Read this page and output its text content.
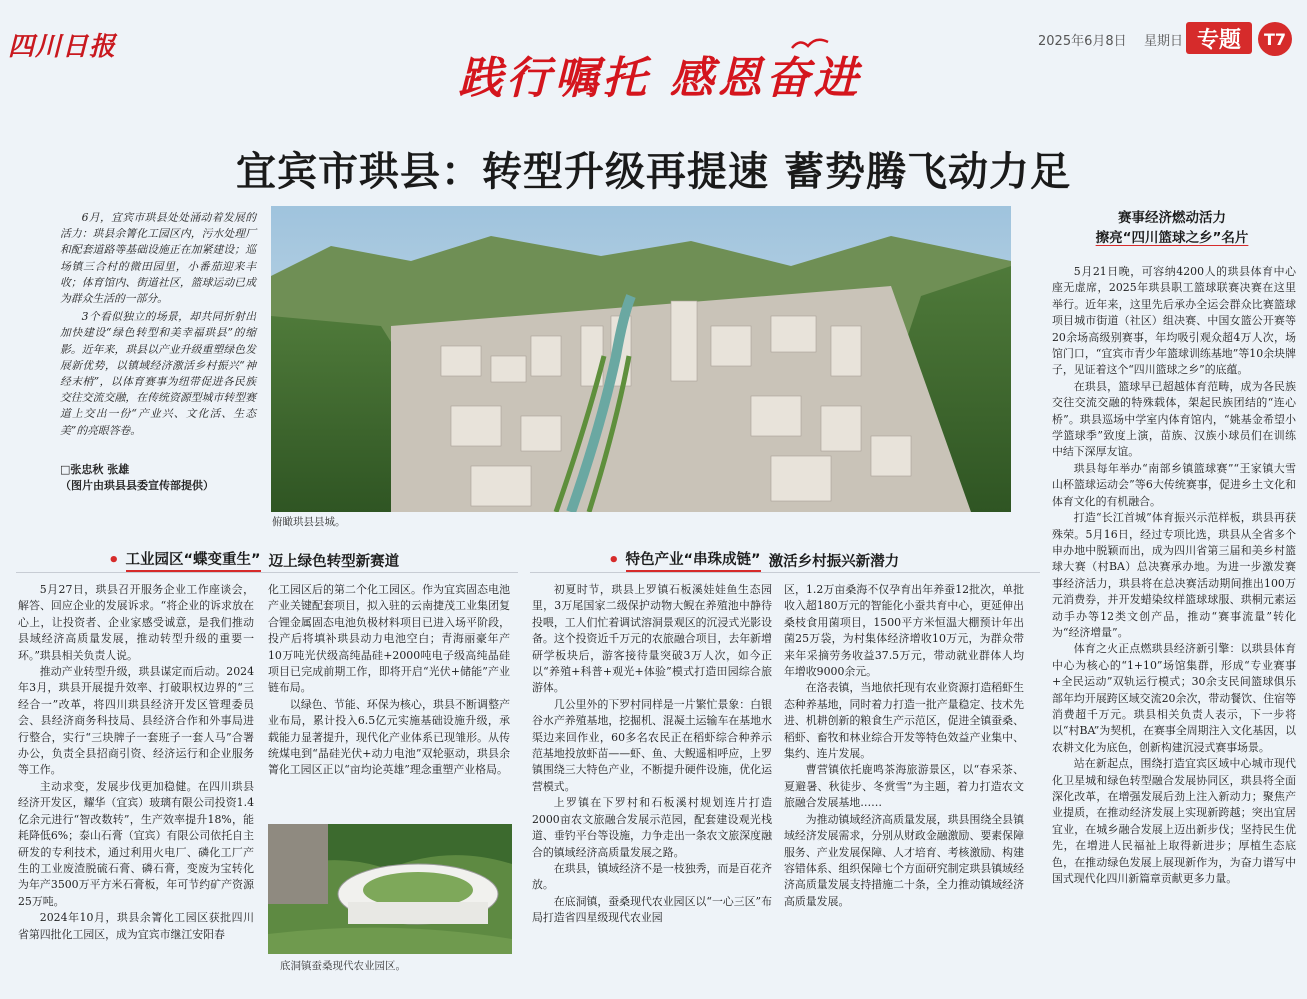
四川日报	2025年6月8日 星期日 专题	T7
践行嘱托 感恩奋进
宜宾市珙县：转型升级再提速 蓄势腾飞动力足

6月，宜宾市珙县处处涌动着发展的活力：珙县余箐化工园区内，污水处理厂和配套道路等基础设施正在加紧建设；巡场镇三合村的微田园里，小番茄迎来丰收；体育馆内、街道社区，篮球运动已成为群众生活的一部分。

3个看似独立的场景，却共同折射出加快建设“绿色转型和美幸福珙县”的缩影。近年来，珙县以产业升级重塑绿色发展新优势，以镇域经济激活乡村振兴“神经末梢”，以体育赛事为纽带促进各民族交往交流交融，在传统资源型城市转型赛道上交出一份“产业兴、文化活、生态美”的亮眼答卷。

□张忠秋 张雄
（图片由珙县县委宣传部提供）
俯瞰珙县县城。
赛事经济燃动活力
擦亮“四川篮球之乡”名片

5月21日晚，可容纳4200人的珙县体育中心座无虚席，2025年珙县职工篮球联赛决赛在这里举行。近年来，这里先后承办全运会群众比赛篮球项目城市街道（社区）组决赛、中国女篮公开赛等20余场高级别赛事，年均吸引观众超4万人次，场馆门口，“宜宾市青少年篮球训练基地”等10余块牌子，见证着这个“四川篮球之乡”的底蕴。

在珙县，篮球早已超越体育范畴，成为各民族交往交流交融的特殊载体，架起民族团结的“连心桥”。珙县巡场中学室内体育馆内，“姚基金希望小学篮球季”致度上演，苗族、汉族小球员们在训练中结下深厚友谊。

珙县每年举办“南部乡镇篮球赛”“王家镇大雪山杯篮球运动会”等6大传统赛事，促进乡土文化和体育文化的有机融合。

打造“长江首城”体育振兴示范样板，珙县再获殊荣。5月16日，经过专项比选，珙县从全省多个申办地中脱颖而出，成为四川省第三届和美乡村篮球大赛（村BA）总决赛承办地。为进一步激发赛事经济活力，珙县将在总决赛活动期间推出100万元消费券，并开发蜡染纹样篮球球服、珙桐元素运动手办等12类文创产品，推动“赛事流量”转化为“经济增量”。

体育之火正点燃珙县经济新引擎：以珙县体育中心为核心的“1+10”场馆集群，形成“专业赛事+全民运动”双轨运行模式；30余支民间篮球俱乐部年均开展跨区域交流20余次，带动餐饮、住宿等消费超千万元。珙县相关负责人表示，下一步将以“村BA”为契机，在赛事全周期注入文化基因，以农耕文化为底色，创新构建沉浸式赛事场景。

站在新起点，围绕打造宜宾区域中心城市现代化卫星城和绿色转型融合发展协同区，珙县将全面深化改革，在增强发展后劲上注入新动力；聚焦产业提质，在推动经济发展上实现新跨越；突出宜居宜业，在城乡融合发展上迈出新步伐；坚持民生优先，在增进人民福祉上取得新进步；厚植生态底色，在推动绿色发展上展现新作为，为奋力谱写中国式现代化四川新篇章贡献更多力量。

• 工业园区“蝶变重生” 迈上绿色转型新赛道

5月27日，珙县召开服务企业工作座谈会，解答、回应企业的发展诉求。“将企业的诉求放在心上，让投资者、企业家感受诚意，是我们推动县域经济高质量发展，推动转型升级的重要一环。”珙县相关负责人说。

推动产业转型升级，珙县谋定而后动。2024年3月，珙县开展提升效率、打破职权边界的“三经合一”改革，将四川珙县经济开发区管理委员会、县经济商务科技局、县经济合作和外事局进行整合，实行“三块牌子一套班子一套人马”合署办公，负责全县招商引资、经济运行和企业服务等工作。

主动求变，发展步伐更加稳健。在四川珙县经济开发区，耀华（宜宾）玻璃有限公司投资1.4亿余元进行“智改数转”，生产效率提升18%，能耗降低6%；泰山石膏（宜宾）有限公司依托自主研发的专利技术，通过利用火电厂、磷化工厂产生的工业废渣脱硫石膏、磷石膏，变废为宝转化为年产3500万平方米石膏板，年可节约矿产资源25万吨。

2024年10月，珙县余箐化工园区获批四川省第四批化工园区，成为宜宾市继江安阳春

化工园区后的第二个化工园区。作为宜宾固态电池产业关键配套项目，拟入驻的云南捷茂工业集团复合锂金属固态电池负极材料项目已进入场平阶段，投产后将填补珙县动力电池空白；青海丽豪年产10万吨光伏级高纯晶硅+2000吨电子级高纯晶硅项目已完成前期工作，即将开启“光伏+储能”产业链布局。

以绿色、节能、环保为核心，珙县不断调整产业布局，累计投入6.5亿元实施基础设施升级，承载能力显著提升，现代化产业体系已现雏形。从传统煤电到“晶硅光伏+动力电池”双轮驱动，珙县余箐化工园区正以“亩均论英雄”理念重塑产业格局。

底洞镇蚕桑现代农业园区。
• 特色产业“串珠成链” 激活乡村振兴新潜力

初夏时节，珙县上罗镇石板溪娃娃鱼生态园里，3万尾国家二级保护动物大鲵在养殖池中静待投喂，工人们忙着调试溶洞景观区的沉浸式光影设备。这个投资近千万元的农旅融合项目，去年新增研学板块后，游客接待量突破3万人次，如今正以“养殖+科普+观光+体验”模式打造田园综合旅游体。

几公里外的下罗村同样是一片繁忙景象：白银谷水产养殖基地，挖掘机、混凝土运输车在基地水渠边来回作业，60多名农民正在稻虾综合种养示范基地投放虾苗——虾、鱼、大鲵遥相呼应，上罗镇围绕三大特色产业，不断提升硬件设施，优化运营模式。

上罗镇在下罗村和石板溪村规划连片打造2000亩农文旅融合发展示范园，配套建设观光栈道、垂钓平台等设施，力争走出一条农文旅深度融合的镇域经济高质量发展之路。

在珙县，镇域经济不是一枝独秀，而是百花齐放。

在底洞镇，蚕桑现代农业园区以“一心三区”布局打造省四星级现代农业园

区，1.2万亩桑海不仅孕育出年养蚕12批次，单批收入超180万元的智能化小蚕共育中心，更延伸出桑枝食用菌项目，1500平方米恒温大棚预计年出菌25万袋，为村集体经济增收10万元，为群众带来年采摘劳务收益37.5万元，带动就业群体人均年增收9000余元。

在洛表镇，当地依托现有农业资源打造稻虾生态种养基地，同时着力打造一批产量稳定、技术先进、机耕创新的粮食生产示范区，促进全镇蚕桑、稻虾、畜牧和林业综合开发等特色效益产业集中、集约、连片发展。

曹营镇依托鹿鸣茶海旅游景区，以“春采茶、夏避暑、秋徒步、冬赏雪”为主题，着力打造农文旅融合发展基地……

为推动镇域经济高质量发展，珙县围绕全县镇域经济发展需求，分别从财政金融激励、要素保障服务、产业发展保障、人才培育、考核激励、构建容错体系、组织保障七个方面研究制定珙县镇域经济高质量发展支持措施二十条，全力推动镇域经济高质量发展。
